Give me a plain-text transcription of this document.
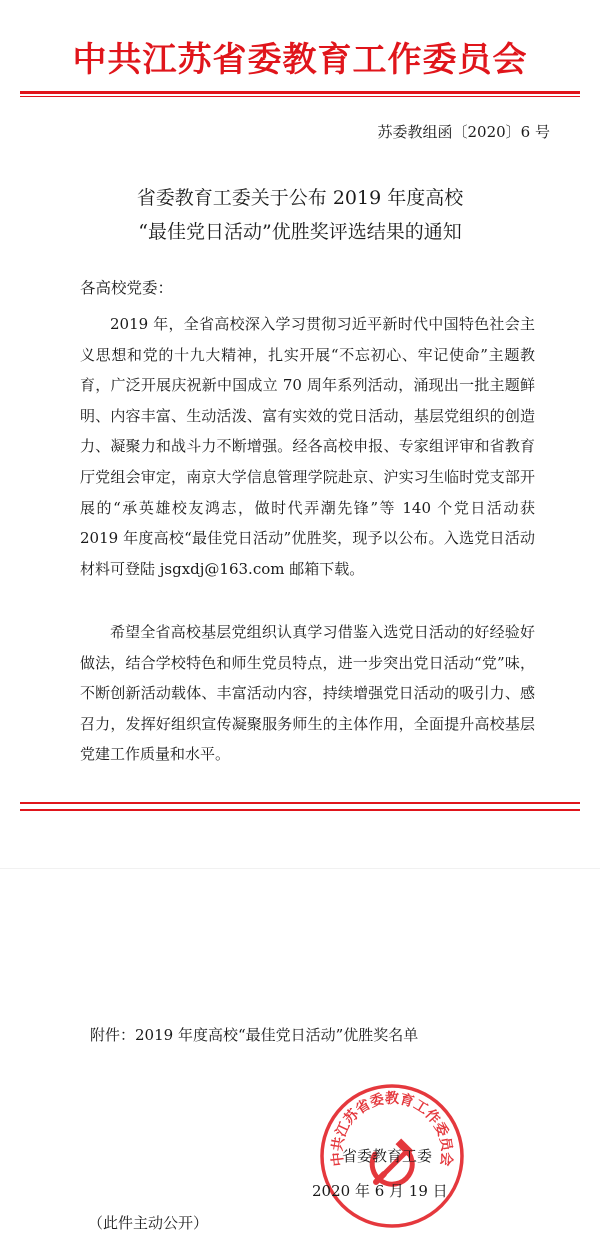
中共江苏省委教育工作委员会
苏委教组函〔2020〕6 号
省委教育工委关于公布 2019 年度高校
“最佳党日活动”优胜奖评选结果的通知
各高校党委：

2019 年，全省高校深入学习贯彻习近平新时代中国特色社会主义思想和党的十九大精神，扎实开展“不忘初心、牢记使命”主题教育，广泛开展庆祝新中国成立 70 周年系列活动，涌现出一批主题鲜明、内容丰富、生动活泼、富有实效的党日活动，基层党组织的创造力、凝聚力和战斗力不断增强。经各高校申报、专家组评审和省教育厅党组会审定，南京大学信息管理学院赴京、沪实习生临时党支部开展的“承英雄校友鸿志，做时代弄潮先锋”等 140 个党日活动获 2019 年度高校“最佳党日活动”优胜奖，现予以公布。入选党日活动材料可登陆 jsgxdj@163.com 邮箱下载。

希望全省高校基层党组织认真学习借鉴入选党日活动的好经验好做法，结合学校特色和师生党员特点，进一步突出党日活动“党”味，不断创新活动载体、丰富活动内容，持续增强党日活动的吸引力、感召力，发挥好组织宣传凝聚服务师生的主体作用，全面提升高校基层党建工作质量和水平。

附件：2019 年度高校“最佳党日活动”优胜奖名单
中共江苏省委教育工作委员会
省委教育工委
2020 年 6 月 19 日
（此件主动公开）
